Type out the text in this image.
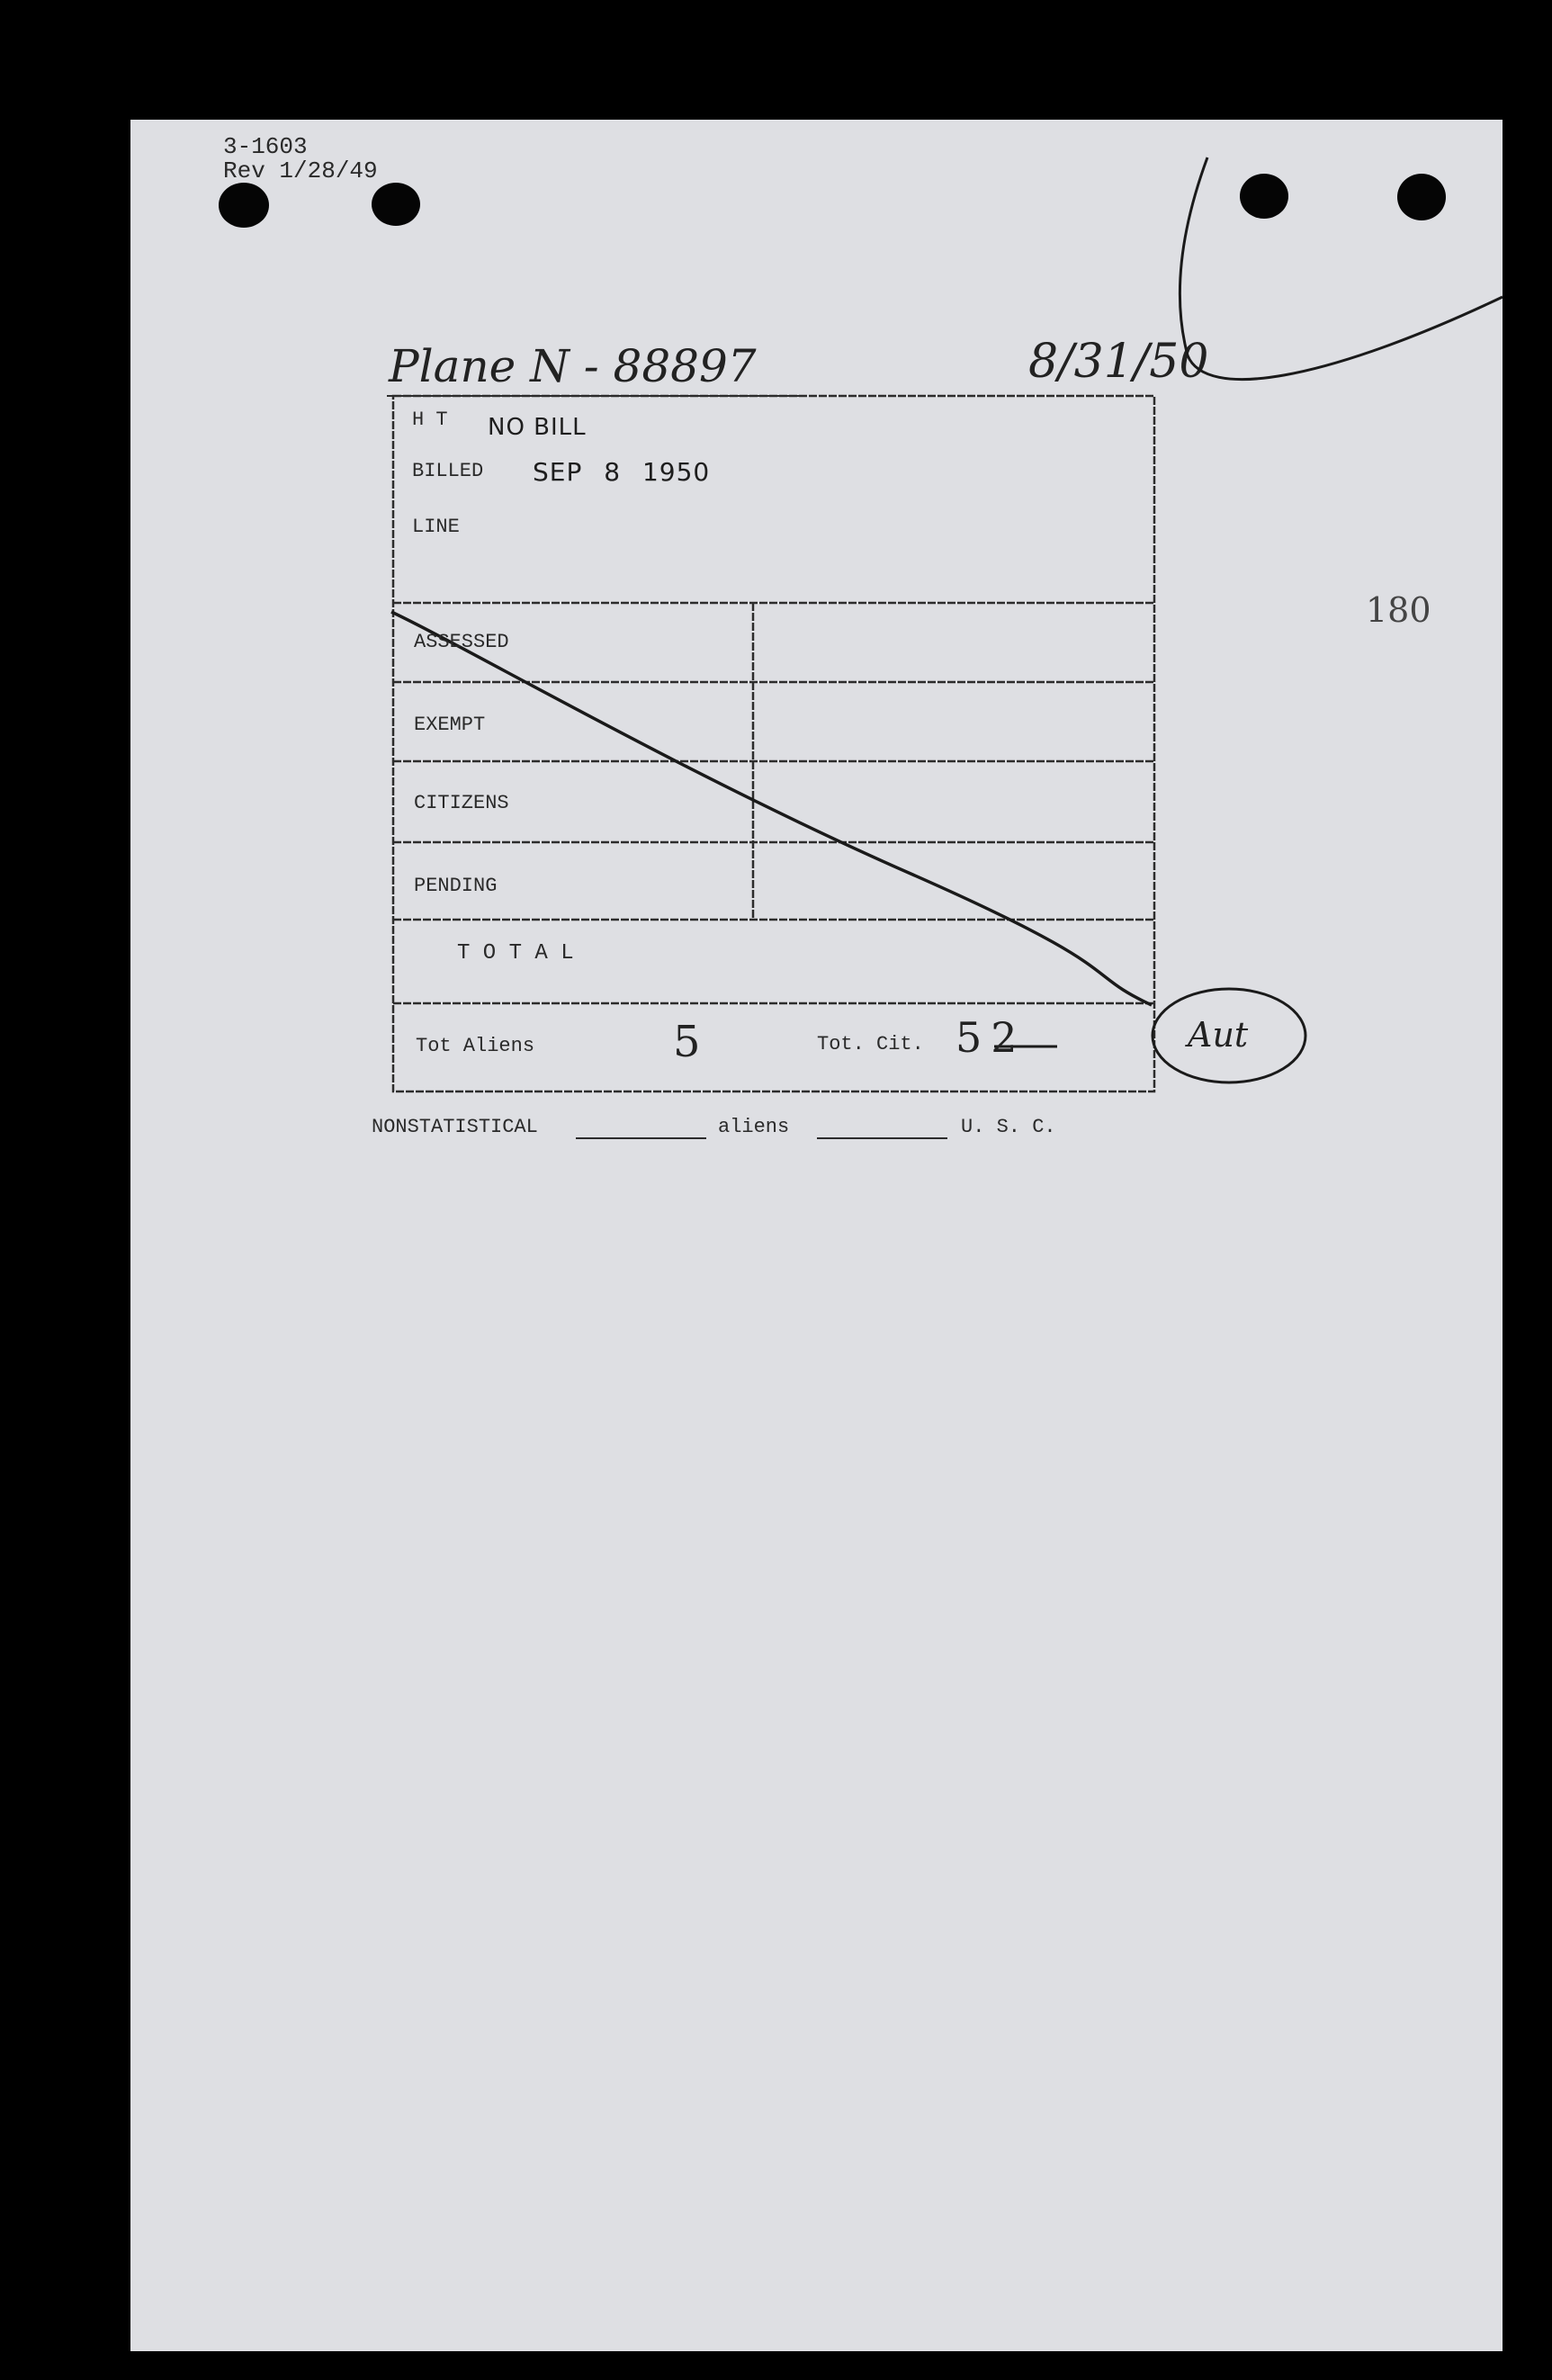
3-1603
Rev 1/28/49
Plane N - 88897	8/31/50
180
H T NO BILL
BILLED SEP 8 1950
LINE
ASSESSED
EXEMPT
CITIZENS
PENDING
T O T A L
Tot Aliens	5	Tot. Cit. 52	Aut
NONSTATISTICAL	aliens	U. S. C.
